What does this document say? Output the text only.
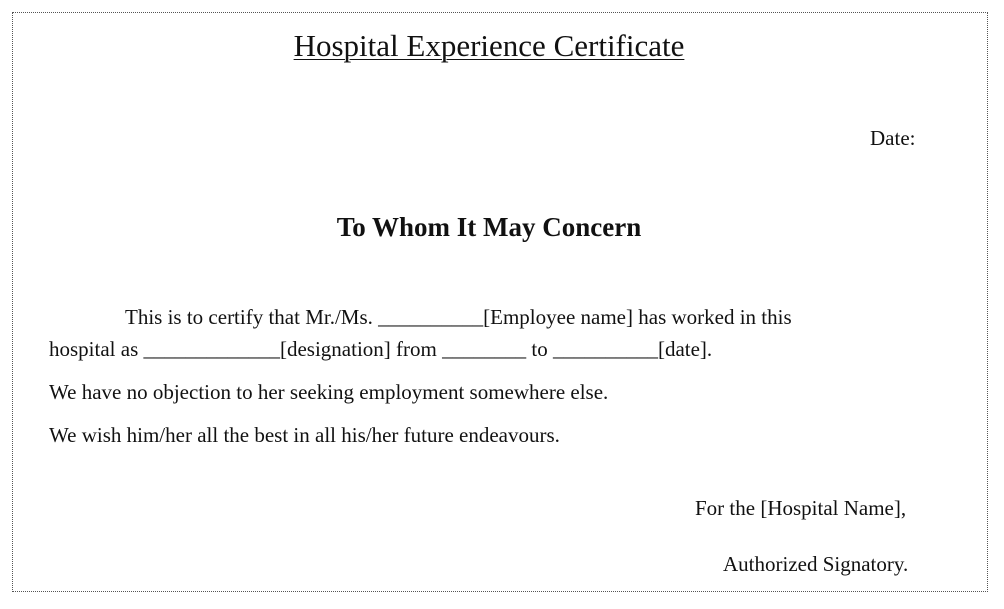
Hospital Experience Certificate
Date:
To Whom It May Concern
This is to certify that Mr./Ms. __________[Employee name] has worked in this
hospital as _____________[designation] from ________ to __________[date].
We have no objection to her seeking employment somewhere else.
We wish him/her all the best in all his/her future endeavours.
For the [Hospital Name],
Authorized Signatory.
